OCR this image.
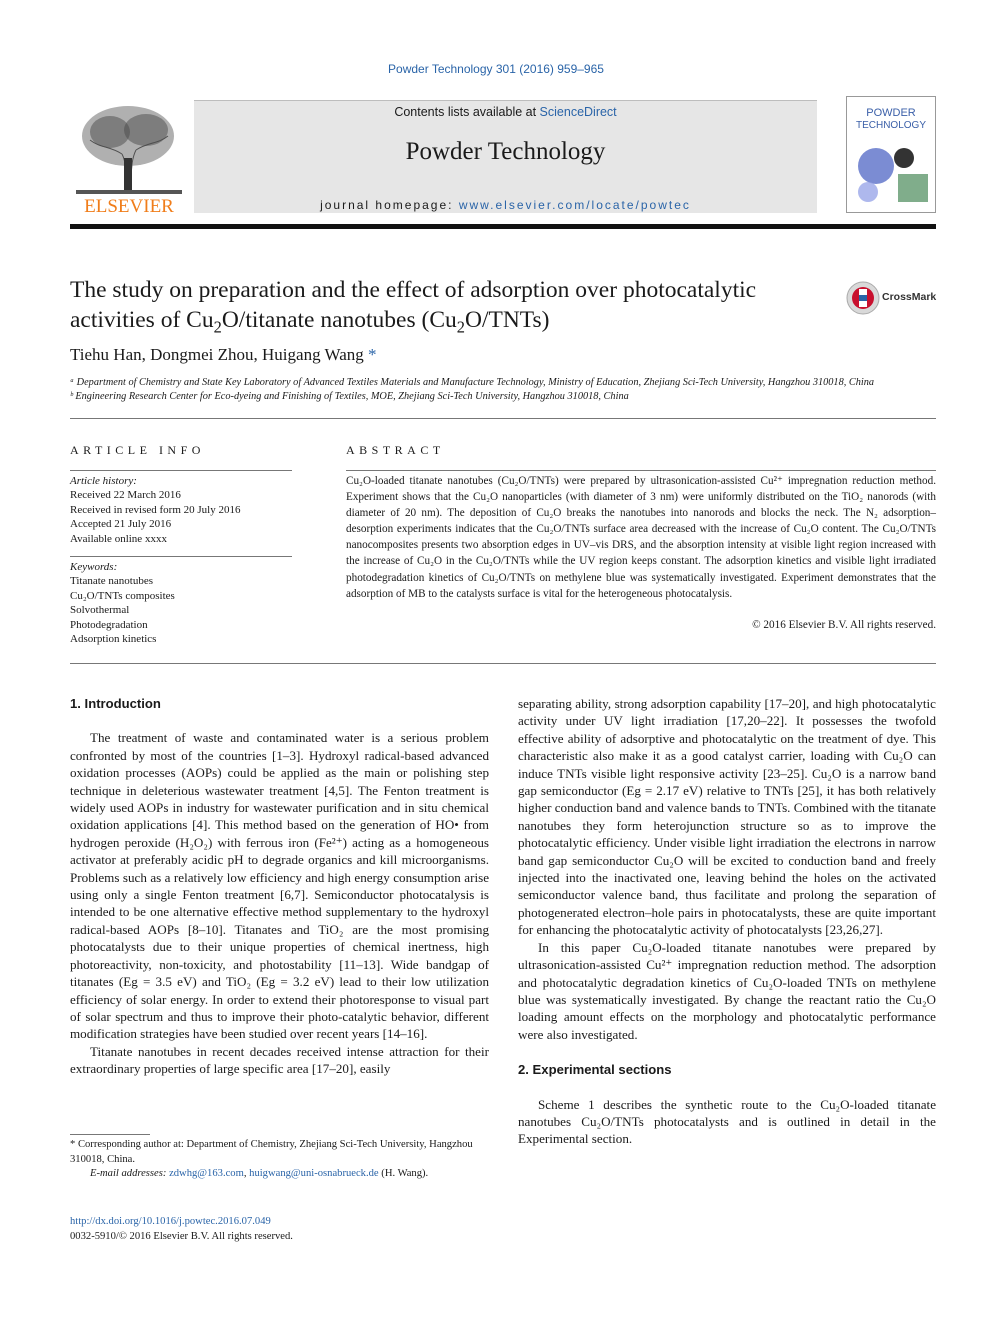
Powder Technology 301 (2016) 959–965
ELSEVIER
Contents lists available at ScienceDirect
Powder Technology
journal homepage: www.elsevier.com/locate/powtec
POWDER
TECHNOLOGY
The study on preparation and the effect of adsorption over photocatalytic
activities of $Cu_2O$/titanate nanotubes $(Cu_2O/TNTs)$
CrossMark
Tiehu Han, Dongmei Zhou, Huigang Wang *
ᵃ Department of Chemistry and State Key Laboratory of Advanced Textiles Materials and Manufacture Technology, Ministry of Education, Zhejiang Sci-Tech University, Hangzhou 310018, China
ᵇ Engineering Research Center for Eco-dyeing and Finishing of Textiles, MOE, Zhejiang Sci-Tech University, Hangzhou 310018, China
ARTICLE INFO
Article history:
Received 22 March 2016
Received in revised form 20 July 2016
Accepted 21 July 2016
Available online xxxx
Keywords:
Titanate nanotubes
Cu₂O/TNTs composites
Solvothermal
Photodegradation
Adsorption kinetics
ABSTRACT
Cu₂O-loaded titanate nanotubes (Cu₂O/TNTs) were prepared by ultrasonication-assisted Cu²⁺ impregnation reduction method. Experiment shows that the Cu₂O nanoparticles (with diameter of 3 nm) were uniformly distributed on the TiO₂ nanorods (with diameter of 20 nm). The deposition of Cu₂O breaks the nanotubes into nanorods and blocks the neck. The N₂ adsorption–desorption experiments indicates that the Cu₂O/TNTs surface area decreased with the increase of Cu₂O content. The Cu₂O/TNTs nanocomposites presents two absorption edges in UV–vis DRS, and the absorption intensity at visible light region increased with the increase of Cu₂O in the Cu₂O/TNTs while the UV region keeps constant. The adsorption kinetics and visible light irradiated photodegradation kinetics of Cu₂O/TNTs on methylene blue was systematically investigated. Experiment demonstrates that the adsorption of MB to the catalysts surface is vital for the heterogeneous photocatalysis.
© 2016 Elsevier B.V. All rights reserved.
1. Introduction

The treatment of waste and contaminated water is a serious problem confronted by most of the countries [1–3]. Hydroxyl radical-based advanced oxidation processes (AOPs) could be applied as the main or polishing step technique in deleterious wastewater treatment [4,5]. The Fenton treatment is widely used AOPs in industry for wastewater purification and in situ chemical oxidation applications [4]. This method based on the generation of HO• from hydrogen peroxide (H₂O₂) with ferrous iron (Fe²⁺) acting as a homogeneous activator at preferably acidic pH to degrade organics and kill microorganisms. Problems such as a relatively low efficiency and high energy consumption arise using only a single Fenton treatment [6,7]. Semiconductor photocatalysis is intended to be one alternative effective method supplementary to the hydroxyl radical-based AOPs [8–10]. Titanates and TiO₂ are the most promising photocatalysts due to their unique properties of chemical inertness, high photoreactivity, non-toxicity, and photostability [11–13]. Wide bandgap of titanates (Eg = 3.5 eV) and TiO₂ (Eg = 3.2 eV) lead to their low utilization efficiency of solar energy. In order to extend their photoresponse to visual part of solar spectrum and thus to improve their photo-catalytic behavior, different modification strategies have been studied over recent years [14–16].

Titanate nanotubes in recent decades received intense attraction for their extraordinary properties of large specific area [17–20], easily

separating ability, strong adsorption capability [17–20], and high photocatalytic activity under UV light irradiation [17,20–22]. It possesses the twofold effective ability of adsorptive and photocatalytic on the treatment of dye. This characteristic also make it as a good catalyst carrier, loading with Cu₂O can induce TNTs visible light responsive activity [23–25]. Cu₂O is a narrow band gap semiconductor (Eg = 2.17 eV) relative to TNTs [25], it has both relatively higher conduction band and valence bands to TNTs. Combined with the titanate nanotubes they form heterojunction structure so as to improve the photocatalytic efficiency. Under visible light irradiation the electrons in narrow band gap semiconductor Cu₂O will be excited to conduction band and freely injected into the inactivated one, leaving behind the holes on the activated semiconductor valence band, thus facilitate and prolong the separation of photogenerated electron–hole pairs in photocatalysts, these are quite important for enhancing the photocatalytic activity of photocatalysts [23,26,27].

In this paper Cu₂O-loaded titanate nanotubes were prepared by ultrasonication-assisted Cu²⁺ impregnation reduction method. The adsorption and photocatalytic degradation kinetics of Cu₂O-loaded TNTs on methylene blue was systematically investigated. By change the reactant ratio the Cu₂O loading amount effects on the morphology and photocatalytic performance were also investigated.

2. Experimental sections

Scheme 1 describes the synthetic route to the Cu₂O-loaded titanate nanotubes Cu₂O/TNTs photocatalysts and is outlined in detail in the Experimental section.

* Corresponding author at: Department of Chemistry, Zhejiang Sci-Tech University, Hangzhou 310018, China.
E-mail addresses: zdwhg@163.com, huigwang@uni-osnabrueck.de (H. Wang).
http://dx.doi.org/10.1016/j.powtec.2016.07.049
0032-5910/© 2016 Elsevier B.V. All rights reserved.
